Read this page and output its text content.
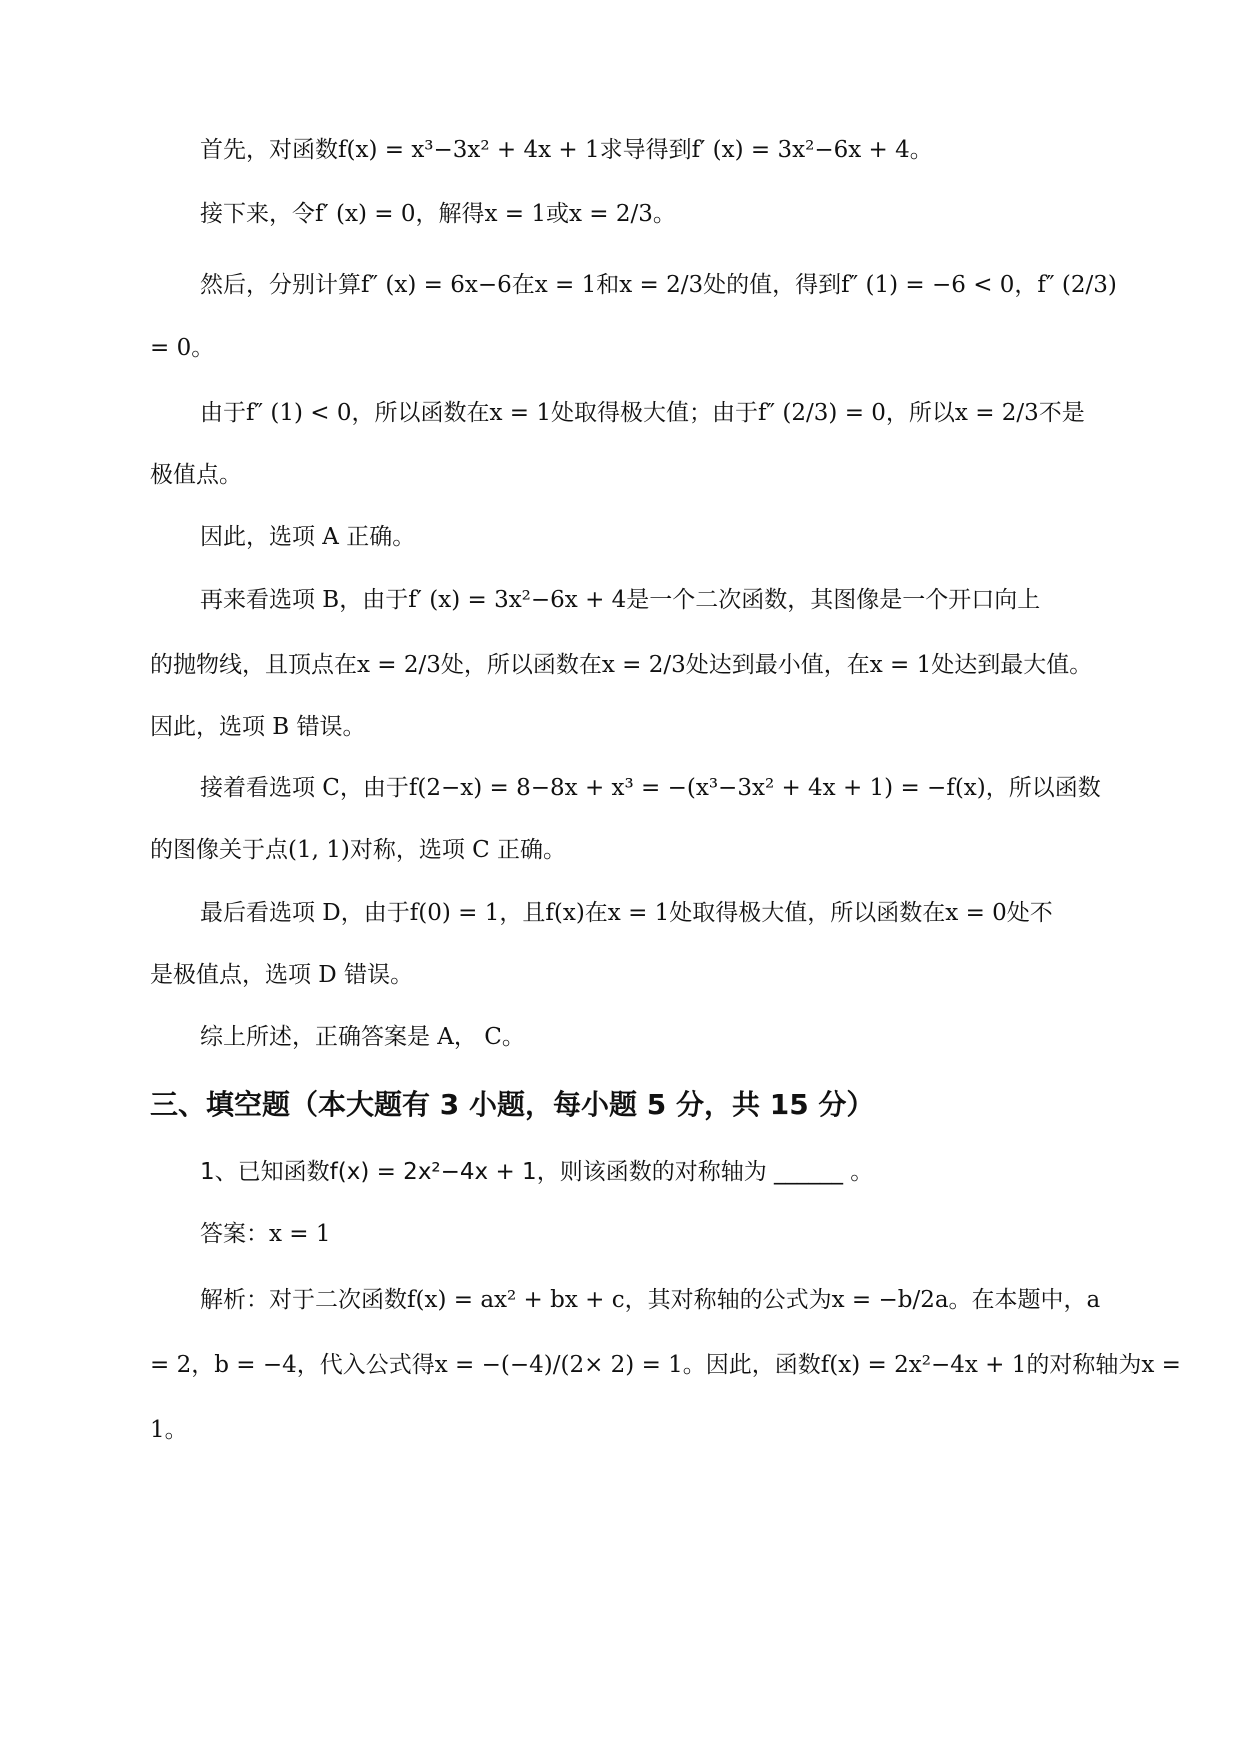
首先，对函数f(x) = x³−3x² + 4x + 1求导得到f′ (x) = 3x²−6x + 4。
接下来，令f′ (x) = 0，解得x = 1或x = 2/3。
然后，分别计算f″ (x) = 6x−6在x = 1和x = 2/3处的值，得到f″ (1) = −6 < 0，f″ (2/3)
= 0。
由于f″ (1) < 0，所以函数在x = 1处取得极大值；由于f″ (2/3) = 0，所以x = 2/3不是
极值点。
因此，选项 A 正确。
再来看选项 B，由于f′ (x) = 3x²−6x + 4是一个二次函数，其图像是一个开口向上
的抛物线，且顶点在x = 2/3处，所以函数在x = 2/3处达到最小值，在x = 1处达到最大值。
因此，选项 B 错误。
接着看选项 C，由于f(2−x) = 8−8x + x³ = −(x³−3x² + 4x + 1) = −f(x)，所以函数
的图像关于点(1, 1)对称，选项 C 正确。
最后看选项 D，由于f(0) = 1，且f(x)在x = 1处取得极大值，所以函数在x = 0处不
是极值点，选项 D 错误。
综上所述，正确答案是 A， C。
三、填空题（本大题有 3 小题，每小题 5 分，共 15 分）
1、已知函数f(x) = 2x²−4x + 1，则该函数的对称轴为 ______ 。
答案：x = 1
解析：对于二次函数f(x) = ax² + bx + c，其对称轴的公式为x = −b/2a。在本题中，a
= 2，b = −4，代入公式得x = −(−4)/(2× 2) = 1。因此，函数f(x) = 2x²−4x + 1的对称轴为x =
1。
